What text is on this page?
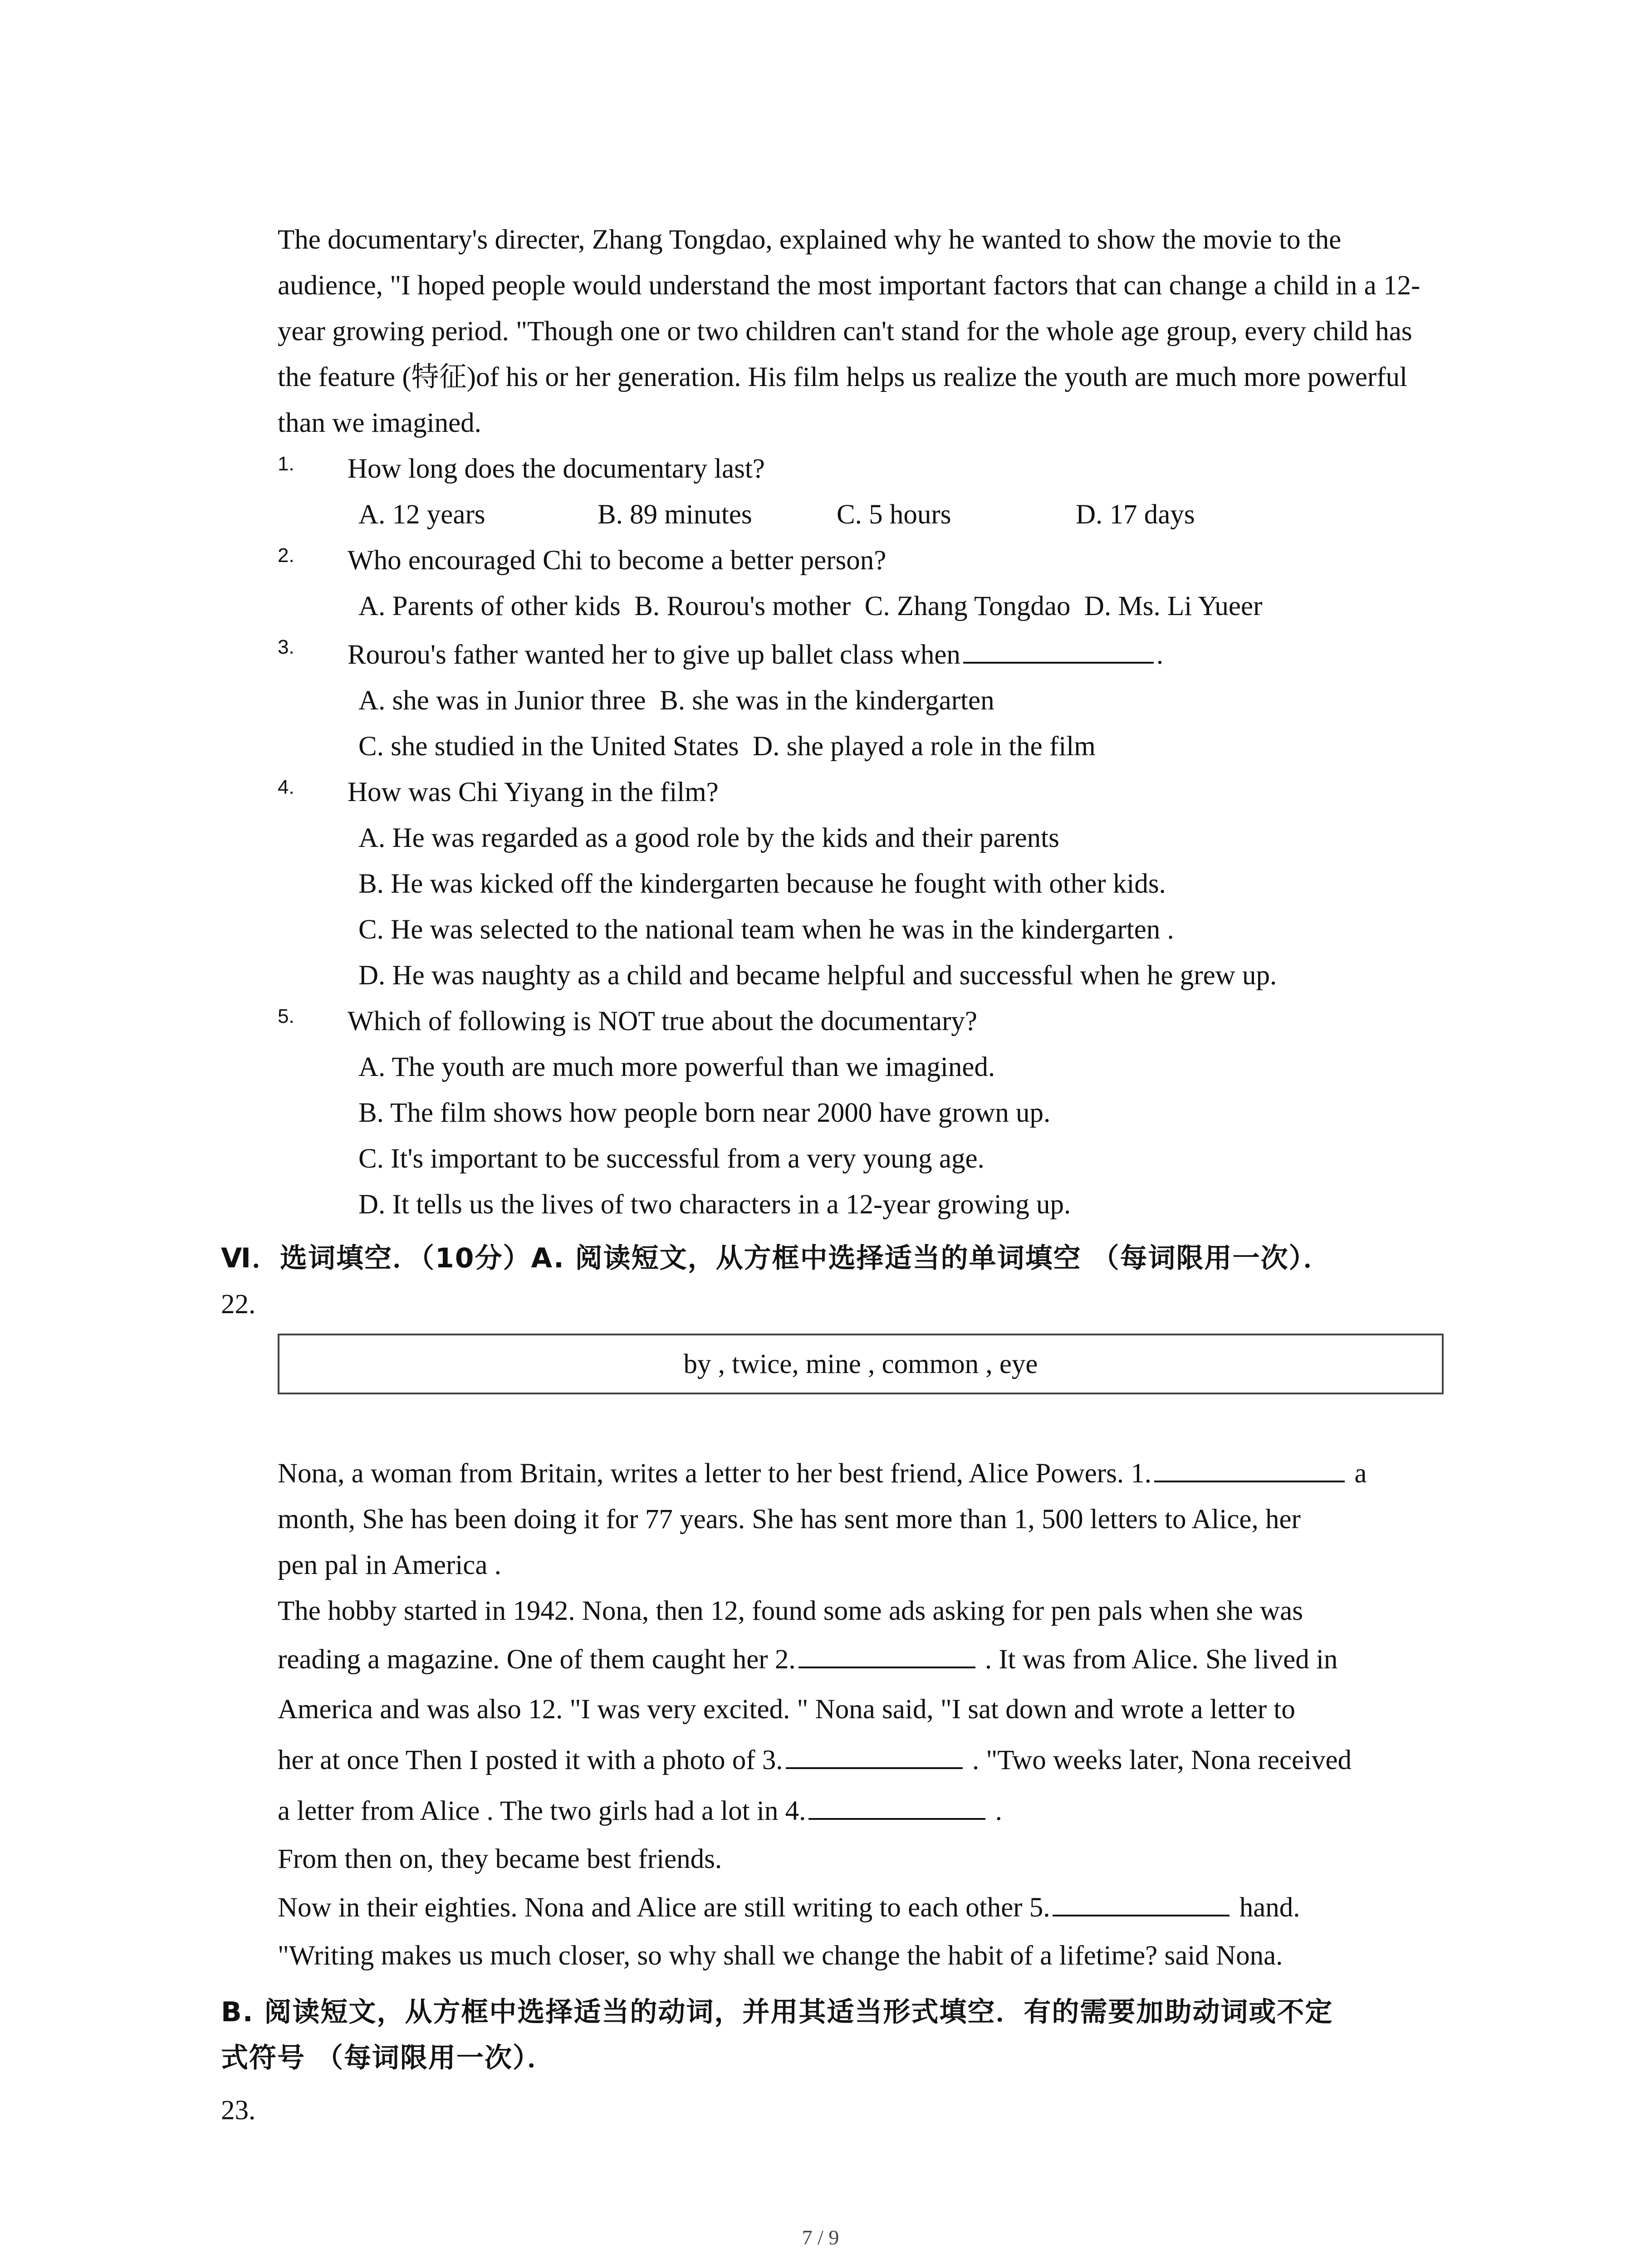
The documentary's directer, Zhang Tongdao, explained why he wanted to show the movie to the audience, "I hoped people would understand the most important factors that can change a child in a 12-year growing period. "Though one or two children can't stand for the whole age group, every child has the feature (特征)of his or her generation. His film helps us realize the youth are much more powerful than we imagined.

1. How long does the documentary last?

A. 12 years	B. 89 minutes	C. 5 hours	D. 17 days

2. Who encouraged Chi to become a better person?

A. Parents of other kids  B. Rourou's mother  C. Zhang Tongdao  D. Ms. Li Yueer

3. Rourou's father wanted her to give up ballet class when	.

A. she was in Junior three  B. she was in the kindergarten

C. she studied in the United States  D. she played a role in the film

4. How was Chi Yiyang in the film?

A. He was regarded as a good role by the kids and their parents

B. He was kicked off the kindergarten because he fought with other kids.

C. He was selected to the national team when he was in the kindergarten .

D. He was naughty as a child and became helpful and successful when he grew up.

5. Which of following is NOT true about the documentary?

A. The youth are much more powerful than we imagined.

B. The film shows how people born near 2000 have grown up.

C. It's important to be successful from a very young age.

D. It tells us the lives of two characters in a 12-year growing up.

Ⅵ．选词填空．（10分）A. 阅读短文，从方框中选择适当的单词填空 （每词限用一次）．

22.

by , twice, mine , common , eye

Nona, a woman from Britain, writes a letter to her best friend, Alice Powers. 1.	a

month, She has been doing it for 77 years. She has sent more than 1, 500 letters to Alice, her

pen pal in America .

The hobby started in 1942. Nona, then 12, found some ads asking for pen pals when she was

reading a magazine. One of them caught her 2.	. It was from Alice. She lived in

America and was also 12. "I was very excited. " Nona said, "I sat down and wrote a letter to

her at once Then I posted it with a photo of 3.	. "Two weeks later, Nona received

a letter from Alice . The two girls had a lot in 4.	.

From then on, they became best friends.

Now in their eighties. Nona and Alice are still writing to each other 5.	hand.

"Writing makes us much closer, so why shall we change the habit of a lifetime? said Nona.

B. 阅读短文，从方框中选择适当的动词，并用其适当形式填空．有的需要加助动词或不定

式符号 （每词限用一次）．

23.

7 / 9
